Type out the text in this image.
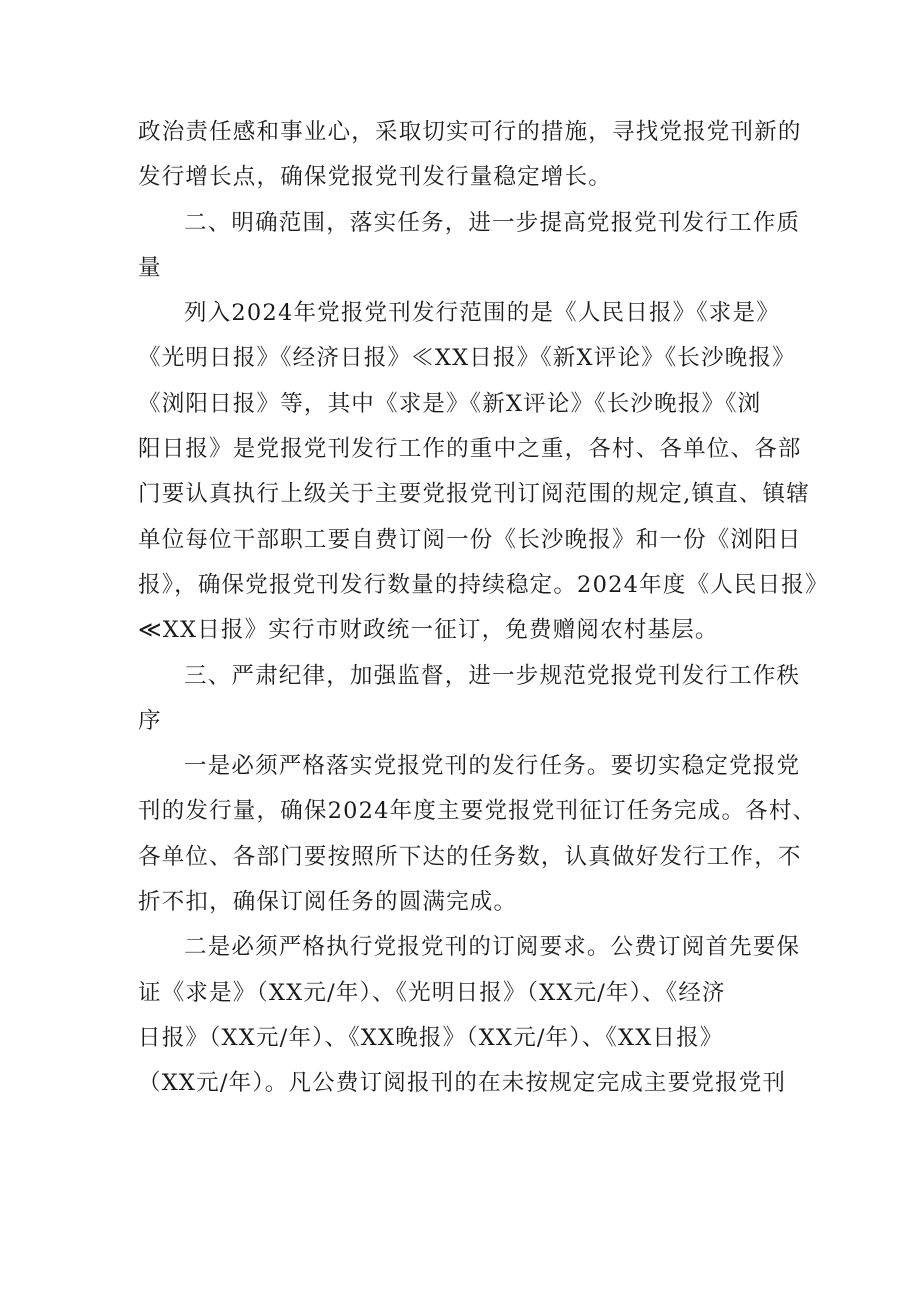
政治责任感和事业心，采取切实可行的措施，寻找党报党刊新的
发行增长点，确保党报党刊发行量稳定增长。
二、明确范围，落实任务，进一步提高党报党刊发行工作质
量
列入2024年党报党刊发行范围的是《人民日报》《求是》
《光明日报》《经济日报》≪XX日报》《新X评论》《长沙晚报》
《浏阳日报》等，其中《求是》《新X评论》《长沙晚报》《浏
阳日报》是党报党刊发行工作的重中之重，各村、各单位、各部
门要认真执行上级关于主要党报党刊订阅范围的规定,镇直、镇辖
单位每位干部职工要自费订阅一份《长沙晚报》和一份《浏阳日
报》，确保党报党刊发行数量的持续稳定。2024年度《人民日报》
≪XX日报》实行市财政统一征订，免费赠阅农村基层。
三、严肃纪律，加强监督，进一步规范党报党刊发行工作秩
序
一是必须严格落实党报党刊的发行任务。要切实稳定党报党
刊的发行量，确保2024年度主要党报党刊征订任务完成。各村、
各单位、各部门要按照所下达的任务数，认真做好发行工作，不
折不扣，确保订阅任务的圆满完成。
二是必须严格执行党报党刊的订阅要求。公费订阅首先要保
证《求是》（XX元/年）、《光明日报》（XX元/年）、《经济
日报》（XX元/年）、《XX晚报》（XX元/年）、《XX日报》
（XX元/年）。凡公费订阅报刊的在未按规定完成主要党报党刊
